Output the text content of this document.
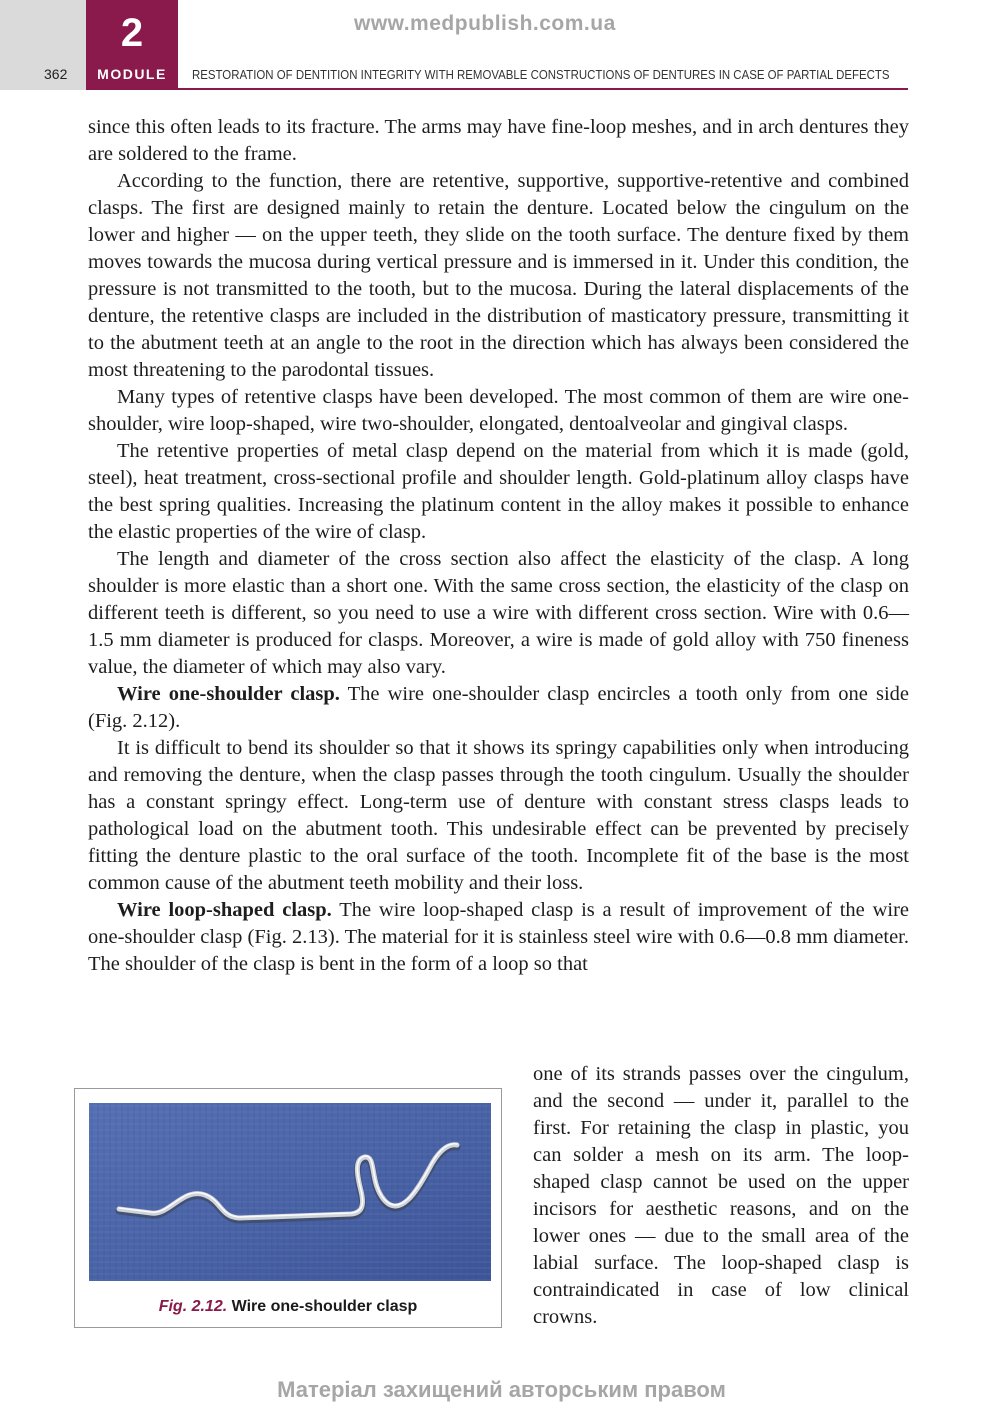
362
2
MODULE
www.medpublish.com.ua
RESTORATION OF DENTITION INTEGRITY WITH REMOVABLE CONSTRUCTIONS OF DENTURES IN CASE OF PARTIAL DEFECTS

since this often leads to its fracture. The arms may have fine-loop meshes, and in arch dentures they are soldered to the frame.

According to the function, there are retentive, supportive, supportive-retentive and combined clasps. The first are designed mainly to retain the denture. Located below the cingulum on the lower and higher — on the upper teeth, they slide on the tooth surface. The denture fixed by them moves towards the mucosa during vertical pressure and is immersed in it. Under this condition, the pressure is not transmitted to the tooth, but to the mucosa. During the lateral displacements of the denture, the retentive clasps are included in the distribution of masticatory pressure, transmitting it to the abutment teeth at an angle to the root in the direction which has always been considered the most threatening to the parodontal tissues.

Many types of retentive clasps have been developed. The most common of them are wire one-shoulder, wire loop-shaped, wire two-shoulder, elongated, dentoalveolar and gingival clasps.

The retentive properties of metal clasp depend on the material from which it is made (gold, steel), heat treatment, cross-sectional profile and shoulder length. Gold-platinum alloy clasps have the best spring qualities. Increasing the platinum content in the alloy makes it possible to enhance the elastic properties of the wire of clasp.

The length and diameter of the cross section also affect the elasticity of the clasp. A long shoulder is more elastic than a short one. With the same cross section, the elasticity of the clasp on different teeth is different, so you need to use a wire with different cross section. Wire with 0.6—1.5 mm diameter is produced for clasps. Moreover, a wire is made of gold alloy with 750 fineness value, the diameter of which may also vary.

Wire one-shoulder clasp. The wire one-shoulder clasp encircles a tooth only from one side (Fig. 2.12).

It is difficult to bend its shoulder so that it shows its springy capabilities only when introducing and removing the denture, when the clasp passes through the tooth cingulum. Usually the shoulder has a constant springy effect. Long-term use of denture with constant stress clasps leads to pathological load on the abutment tooth. This undesirable effect can be prevented by precisely fitting the denture plastic to the oral surface of the tooth. Incomplete fit of the base is the most common cause of the abutment teeth mobility and their loss.

Wire loop-shaped clasp. The wire loop-shaped clasp is a result of improvement of the wire one-shoulder clasp (Fig. 2.13). The material for it is stainless steel wire with 0.6—0.8 mm diameter. The shoulder of the clasp is bent in the form of a loop so that

one of its strands passes over the cingulum, and the second — under it, parallel to the first. For retaining the clasp in plastic, you can solder a mesh on its arm. The loop-shaped clasp cannot be used on the upper incisors for aesthetic reasons, and on the lower ones — due to the small area of the labial surface. The loop-shaped clasp is contraindicated in case of low clinical crowns.

Fig. 2.12. Wire one-shoulder clasp
Матеріал захищений авторським правом
